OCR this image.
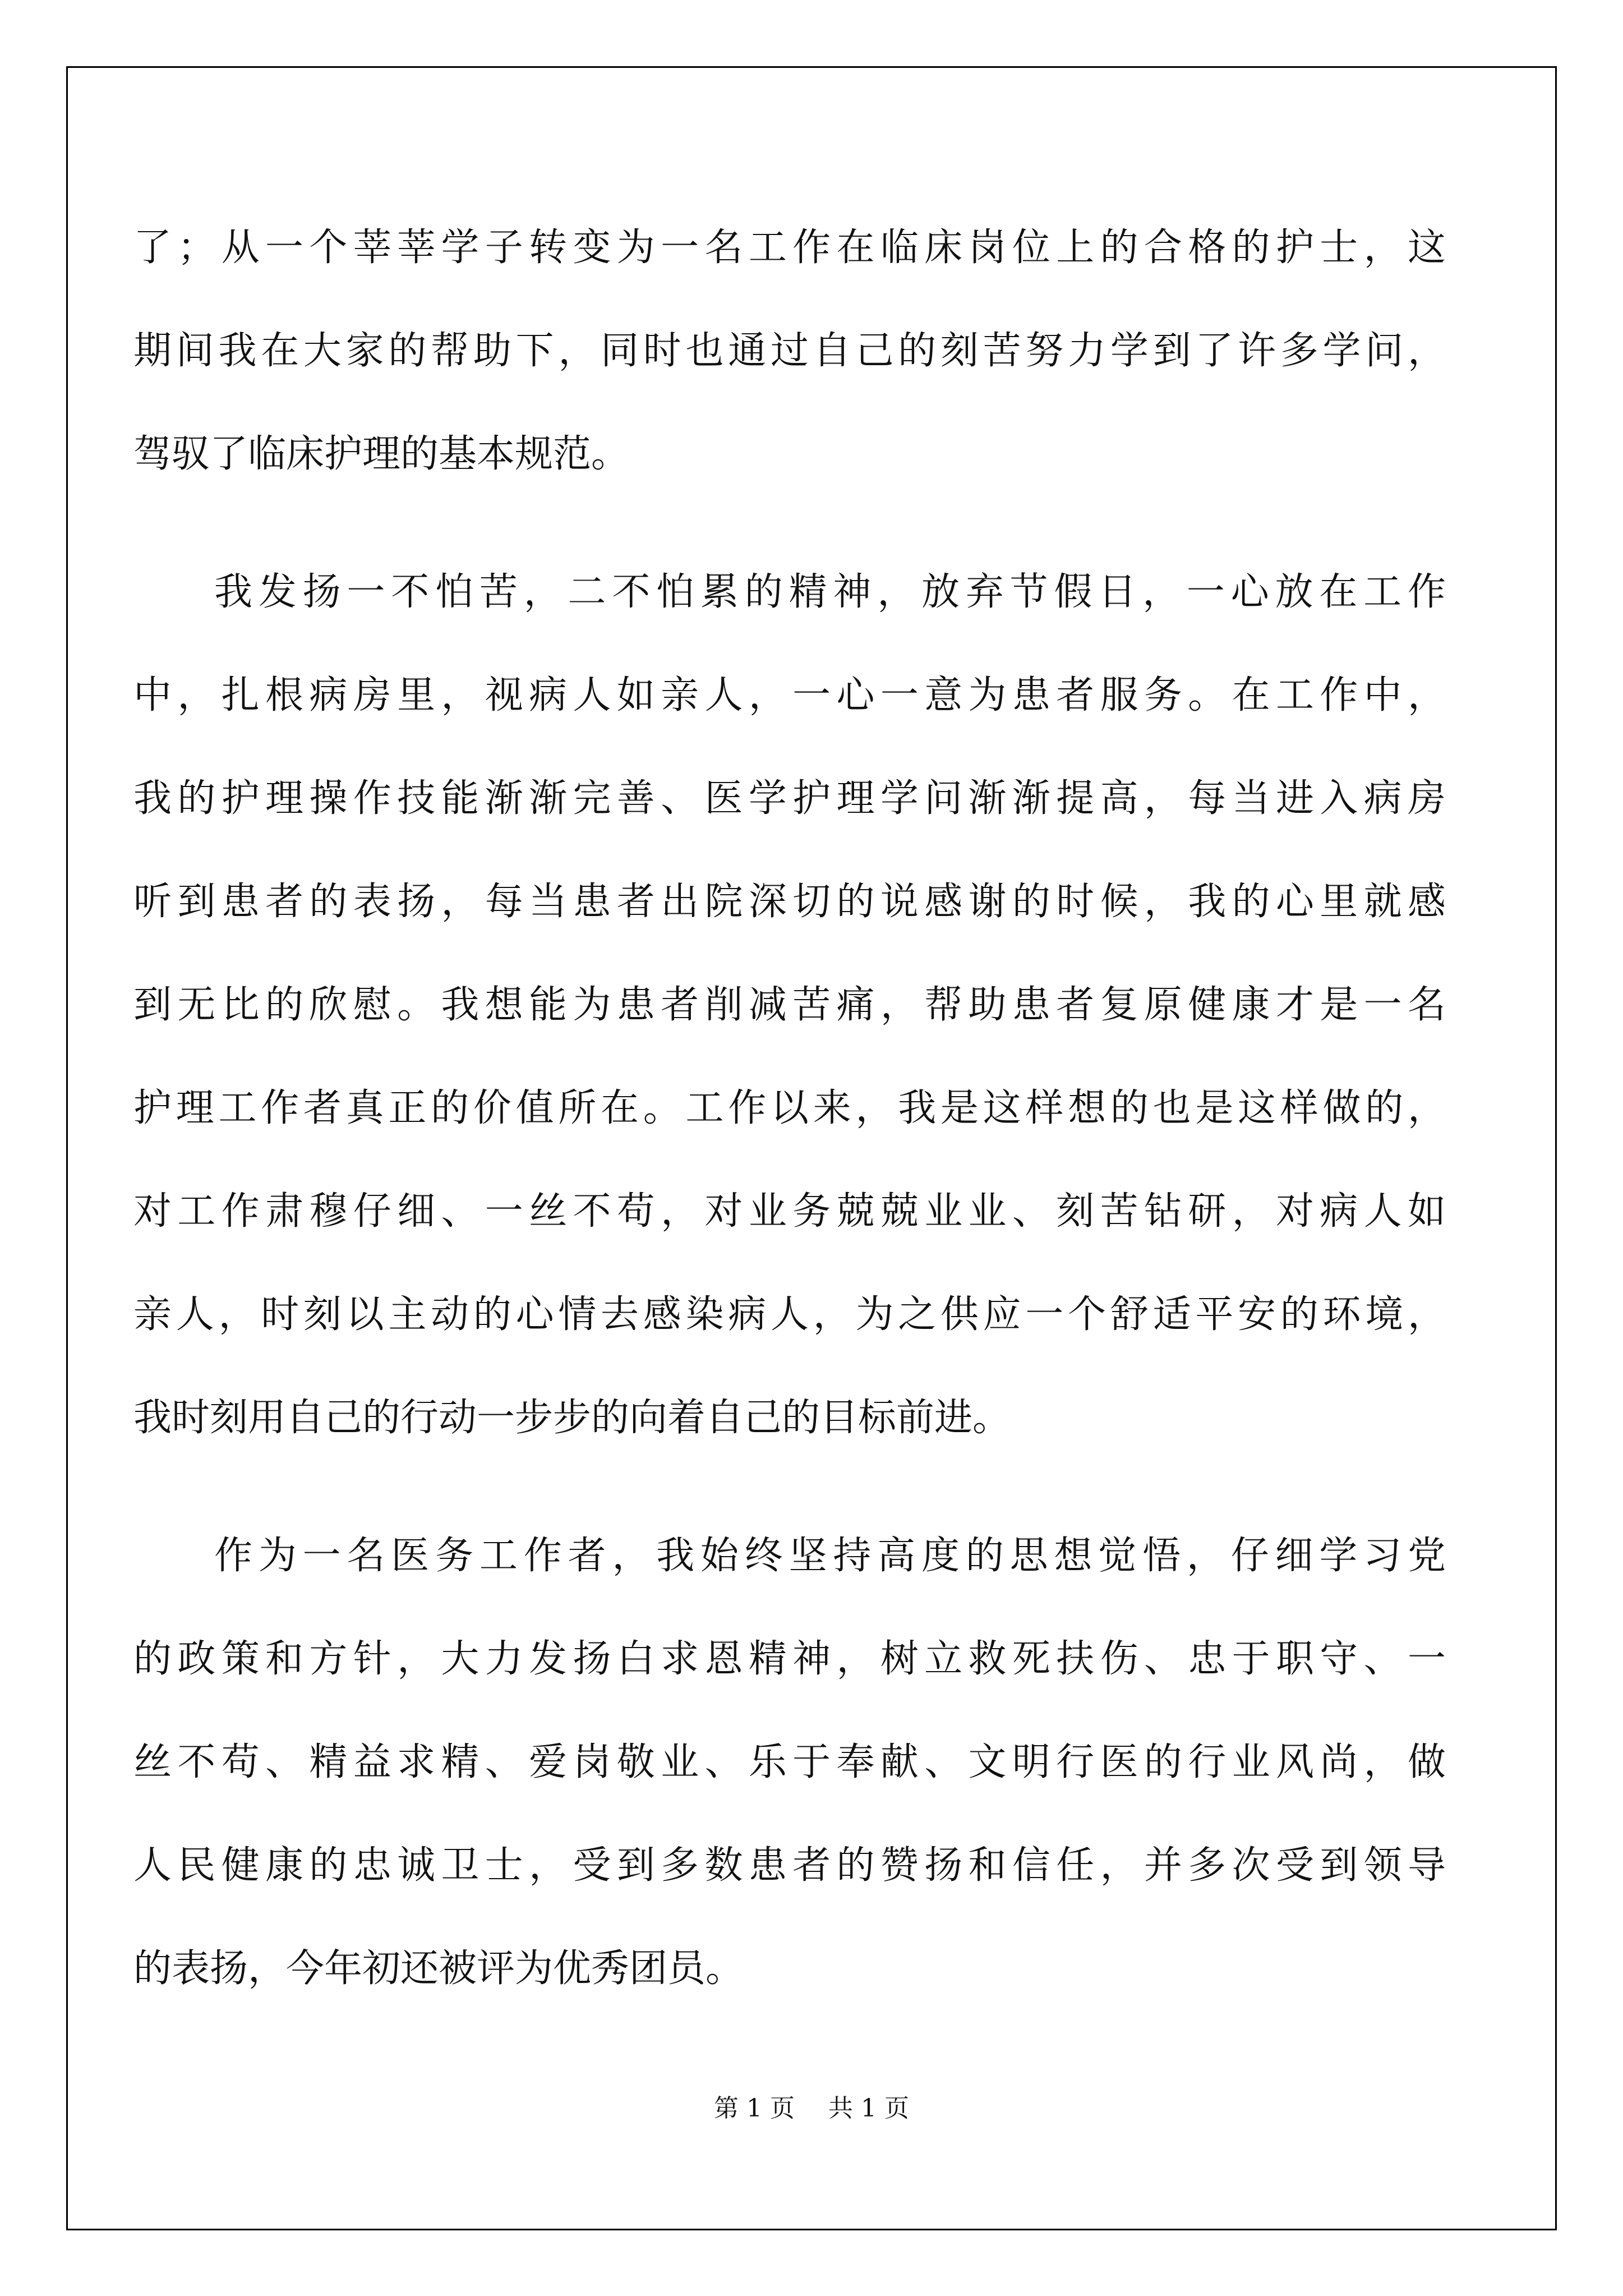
了；从一个莘莘学子转变为一名工作在临床岗位上的合格的护士，这
期间我在大家的帮助下，同时也通过自己的刻苦努力学到了许多学问，
驾驭了临床护理的基本规范。
我发扬一不怕苦，二不怕累的精神，放弃节假日，一心放在工作
中，扎根病房里，视病人如亲人，一心一意为患者服务。在工作中，
我的护理操作技能渐渐完善、医学护理学问渐渐提高，每当进入病房
听到患者的表扬，每当患者出院深切的说感谢的时候，我的心里就感
到无比的欣慰。我想能为患者削减苦痛，帮助患者复原健康才是一名
护理工作者真正的价值所在。工作以来，我是这样想的也是这样做的，
对工作肃穆仔细、一丝不苟，对业务兢兢业业、刻苦钻研，对病人如
亲人，时刻以主动的心情去感染病人，为之供应一个舒适平安的环境，
我时刻用自己的行动一步步的向着自己的目标前进。
作为一名医务工作者，我始终坚持高度的思想觉悟，仔细学习党
的政策和方针，大力发扬白求恩精神，树立救死扶伤、忠于职守、一
丝不苟、精益求精、爱岗敬业、乐于奉献、文明行医的行业风尚，做
人民健康的忠诚卫士，受到多数患者的赞扬和信任，并多次受到领导
的表扬，今年初还被评为优秀团员。
第 1 页 共 1 页
